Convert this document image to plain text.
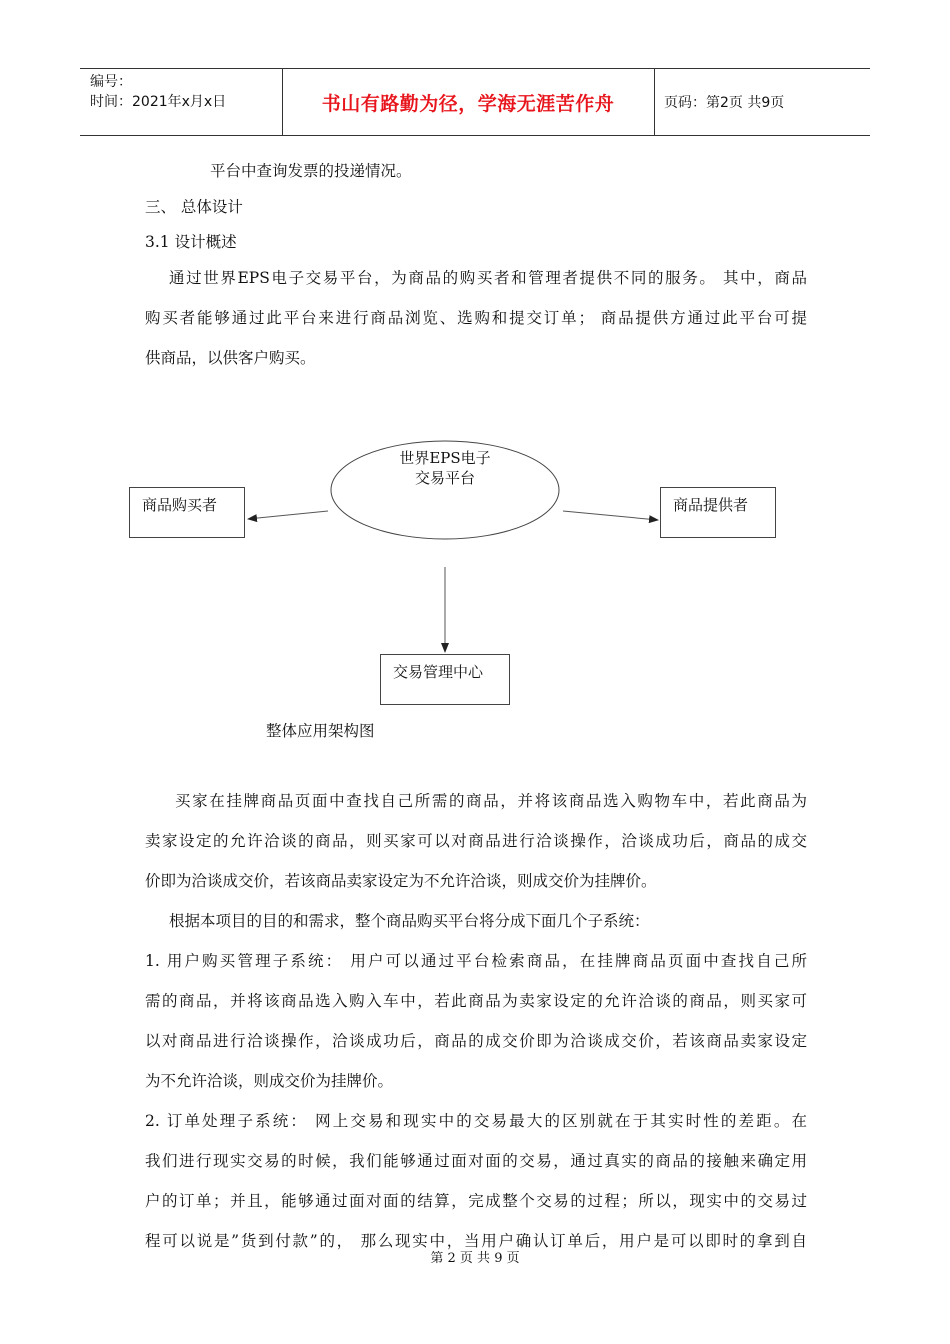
编号：
时间：2021年x月x日	书山有路勤为径，学海无涯苦作舟	页码：第2页 共9页
平台中查询发票的投递情况。
三、 总体设计
3.1 设计概述
通过世界EPS电子交易平台，为商品的购买者和管理者提供不同的服务。 其中，商品
购买者能够通过此平台来进行商品浏览、选购和提交订单； 商品提供方通过此平台可提
供商品，以供客户购买。
世界EPS电子
交易平台
商品购买者	商品提供者
交易管理中心
整体应用架构图
买家在挂牌商品页面中查找自己所需的商品，并将该商品选入购物车中，若此商品为
卖家设定的允许洽谈的商品，则买家可以对商品进行洽谈操作，洽谈成功后，商品的成交
价即为洽谈成交价，若该商品卖家设定为不允许洽谈，则成交价为挂牌价。
根据本项目的目的和需求，整个商品购买平台将分成下面几个子系统：
1. 用户购买管理子系统： 用户可以通过平台检索商品，在挂牌商品页面中查找自己所
需的商品，并将该商品选入购入车中，若此商品为卖家设定的允许洽谈的商品，则买家可
以对商品进行洽谈操作，洽谈成功后，商品的成交价即为洽谈成交价，若该商品卖家设定
为不允许洽谈，则成交价为挂牌价。
2. 订单处理子系统： 网上交易和现实中的交易最大的区别就在于其实时性的差距。在
我们进行现实交易的时候，我们能够通过面对面的交易，通过真实的商品的接触来确定用
户的订单；并且，能够通过面对面的结算，完成整个交易的过程；所以，现实中的交易过
程可以说是”货到付款”的， 那么现实中，当用户确认订单后，用户是可以即时的拿到自
第 2 页 共 9 页
